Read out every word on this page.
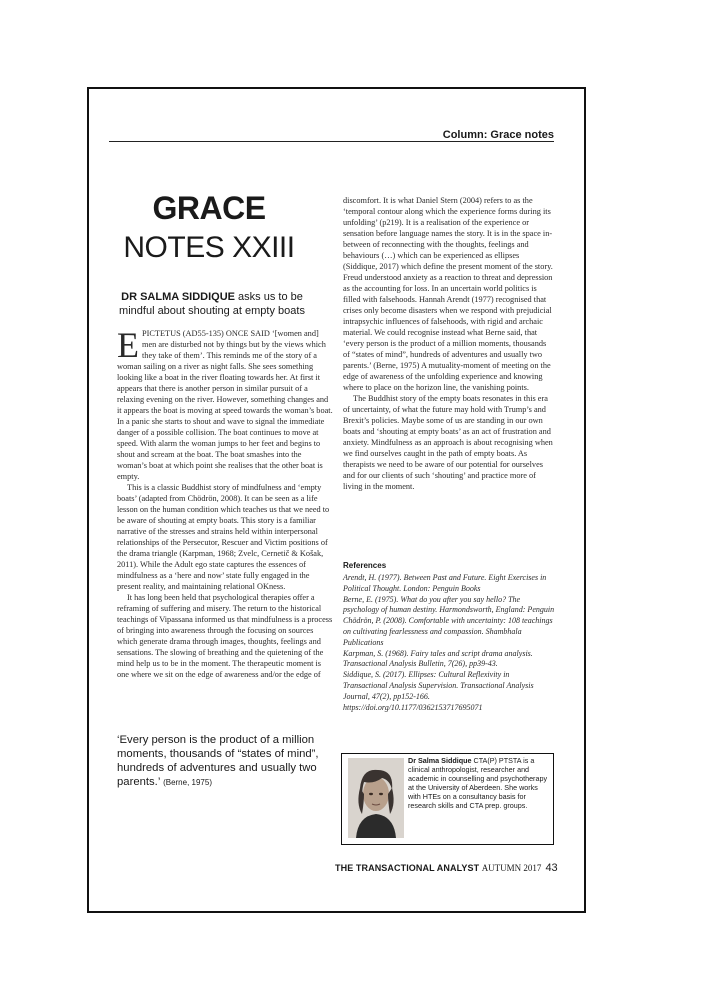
Column: Grace notes
GRACE
NOTES XXIII
DR SALMA SIDDIQUE asks us to be mindful about shouting at empty boats

EPICTETUS (AD55-135) ONCE SAID ‘[women and] men are disturbed not by things but by the views which they take of them’. This reminds me of the story of a woman sailing on a river as night falls. She sees something looking like a boat in the river floating towards her. At first it appears that there is another person in similar pursuit of a relaxing evening on the river. However, something changes and it appears the boat is moving at speed towards the woman’s boat. In a panic she starts to shout and wave to signal the immediate danger of a possible collision. The boat continues to move at speed. With alarm the woman jumps to her feet and begins to shout and scream at the boat. The boat smashes into the woman’s boat at which point she realises that the other boat is empty.

This is a classic Buddhist story of mindfulness and ‘empty boats’ (adapted from Chödrön, 2008). It can be seen as a life lesson on the human condition which teaches us that we need to be aware of shouting at empty boats. This story is a familiar narrative of the stresses and strains held within interpersonal relationships of the Persecutor, Rescuer and Victim positions of the drama triangle (Karpman, 1968; Zvelc, Cernetič & Košak, 2011). While the Adult ego state captures the essences of mindfulness as a ‘here and now’ state fully engaged in the present reality, and maintaining relational OKness.

It has long been held that psychological therapies offer a reframing of suffering and misery. The return to the historical teachings of Vipassana informed us that mindfulness is a process of bringing into awareness through the focusing on sources which generate drama through images, thoughts, feelings and sensations. The slowing of breathing and the quietening of the mind help us to be in the moment. The therapeutic moment is one where we sit on the edge of awareness and/or the edge of

discomfort. It is what Daniel Stern (2004) refers to as the ‘temporal contour along which the experience forms during its unfolding’ (p219). It is a realisation of the experience or sensation before language names the story. It is in the space in-between of reconnecting with the thoughts, feelings and behaviours (…) which can be experienced as ellipses (Siddique, 2017) which define the present moment of the story. Freud understood anxiety as a reaction to threat and depression as the accounting for loss. In an uncertain world politics is filled with falsehoods. Hannah Arendt (1977) recognised that crises only become disasters when we respond with prejudicial intrapsychic influences of falsehoods, with rigid and archaic material. We could recognise instead what Berne said, that ‘every person is the product of a million moments, thousands of “states of mind”, hundreds of adventures and usually two parents.’ (Berne, 1975) A mutuality-moment of meeting on the edge of awareness of the unfolding experience and knowing where to place on the horizon line, the vanishing points.

The Buddhist story of the empty boats resonates in this era of uncertainty, of what the future may hold with Trump’s and Brexit’s policies. Maybe some of us are standing in our own boats and ‘shouting at empty boats’ as an act of frustration and anxiety. Mindfulness as an approach is about recognising when we find ourselves caught in the path of empty boats. As therapists we need to be aware of our potential for ourselves and for our clients of such ‘shouting’ and practice more of living in the moment.

References
Arendt, H. (1977). Between Past and Future. Eight Exercises in Political Thought. London: Penguin Books
Berne, E. (1975). What do you after you say hello? The psychology of human destiny. Harmondsworth, England: Penguin
Chödrön, P. (2008). Comfortable with uncertainty: 108 teachings on cultivating fearlessness and compassion. Shambhala Publications
Karpman, S. (1968). Fairy tales and script drama analysis. Transactional Analysis Bulletin, 7(26), pp39-43.
Siddique, S. (2017). Ellipses: Cultural Reflexivity in Transactional Analysis Supervision. Transactional Analysis Journal, 47(2), pp152-166. https://doi.org/10.1177/0362153717695071
‘Every person is the product of a million moments, thousands of “states of mind”, hundreds of adventures and usually two parents.’ (Berne, 1975)
Dr Salma Siddique CTA(P) PTSTA is a clinical anthropologist, researcher and academic in counselling and psychotherapy at the University of Aberdeen. She works with HTEs on a consultancy basis for research skills and CTA prep. groups.
THE TRANSACTIONAL ANALYST AUTUMN 2017 43
